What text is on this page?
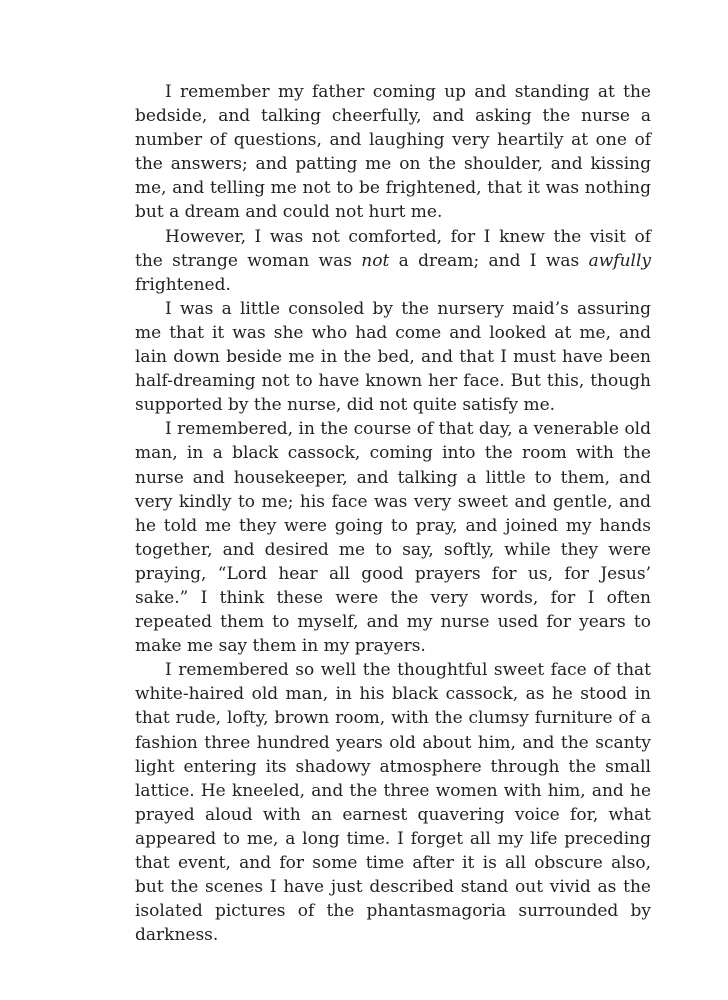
I remember my father coming up and standing at the bedside, and talking cheerfully, and asking the nurse a number of questions, and laughing very heartily at one of the answers; and patting me on the shoulder, and kissing me, and telling me not to be frightened, that it was nothing but a dream and could not hurt me.

However, I was not comforted, for I knew the visit of the strange woman was not a dream; and I was awfully frightened.

I was a little consoled by the nursery maid’s assuring me that it was she who had come and looked at me, and lain down beside me in the bed, and that I must have been half-dreaming not to have known her face. But this, though supported by the nurse, did not quite satisfy me.

I remembered, in the course of that day, a venerable old man, in a black cassock, coming into the room with the nurse and housekeeper, and talking a little to them, and very kindly to me; his face was very sweet and gentle, and he told me they were going to pray, and joined my hands together, and desired me to say, softly, while they were praying, “Lord hear all good prayers for us, for Jesus’ sake.” I think these were the very words, for I often repeated them to myself, and my nurse used for years to make me say them in my prayers.

I remembered so well the thoughtful sweet face of that white-haired old man, in his black cassock, as he stood in that rude, lofty, brown room, with the clumsy furniture of a fashion three hundred years old about him, and the scanty light entering its shadowy atmosphere through the small lattice. He kneeled, and the three women with him, and he prayed aloud with an earnest quavering voice for, what appeared to me, a long time. I forget all my life preceding that event, and for some time after it is all obscure also, but the scenes I have just described stand out vivid as the isolated pictures of the phantasmagoria surrounded by darkness.
